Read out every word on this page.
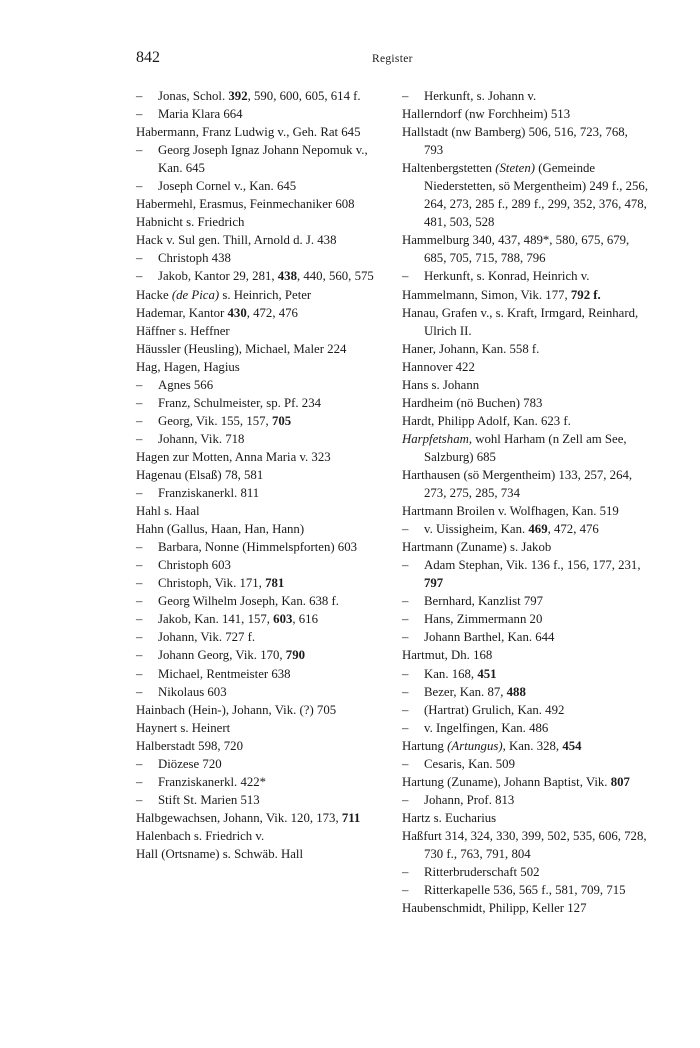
842	Register
– Jonas, Schol. 392, 590, 600, 605, 614 f.
– Maria Klara 664
Habermann, Franz Ludwig v., Geh. Rat 645
– Georg Joseph Ignaz Johann Nepomuk v., Kan. 645
– Joseph Cornel v., Kan. 645
Habermehl, Erasmus, Feinmechaniker 608
Habnicht s. Friedrich
Hack v. Sul gen. Thill, Arnold d. J. 438
– Christoph 438
– Jakob, Kantor 29, 281, 438, 440, 560, 575
Hacke (de Pica) s. Heinrich, Peter
Hademar, Kantor 430, 472, 476
Häffner s. Heffner
Häussler (Heusling), Michael, Maler 224
Hag, Hagen, Hagius
– Agnes 566
– Franz, Schulmeister, sp. Pf. 234
– Georg, Vik. 155, 157, 705
– Johann, Vik. 718
Hagen zur Motten, Anna Maria v. 323
Hagenau (Elsaß) 78, 581
– Franziskanerkl. 811
Hahl s. Haal
Hahn (Gallus, Haan, Han, Hann)
– Barbara, Nonne (Himmelspforten) 603
– Christoph 603
– Christoph, Vik. 171, 781
– Georg Wilhelm Joseph, Kan. 638 f.
– Jakob, Kan. 141, 157, 603, 616
– Johann, Vik. 727 f.
– Johann Georg, Vik. 170, 790
– Michael, Rentmeister 638
– Nikolaus 603
Hainbach (Hein-), Johann, Vik. (?) 705
Haynert s. Heinert
Halberstadt 598, 720
– Diözese 720
– Franziskanerkl. 422*
– Stift St. Marien 513
Halbgewachsen, Johann, Vik. 120, 173, 711
Halenbach s. Friedrich v.
Hall (Ortsname) s. Schwäb. Hall
– Herkunft, s. Johann v.
Hallerndorf (nw Forchheim) 513
Hallstadt (nw Bamberg) 506, 516, 723, 768, 793
Haltenbergstetten (Steten) (Gemeinde Niederstetten, sö Mergentheim) 249 f., 256, 264, 273, 285 f., 289 f., 299, 352, 376, 478, 481, 503, 528
Hammelburg 340, 437, 489*, 580, 675, 679, 685, 705, 715, 788, 796
– Herkunft, s. Konrad, Heinrich v.
Hammelmann, Simon, Vik. 177, 792 f.
Hanau, Grafen v., s. Kraft, Irmgard, Reinhard, Ulrich II.
Haner, Johann, Kan. 558 f.
Hannover 422
Hans s. Johann
Hardheim (nö Buchen) 783
Hardt, Philipp Adolf, Kan. 623 f.
Harpfetsham, wohl Harham (n Zell am See, Salzburg) 685
Harthausen (sö Mergentheim) 133, 257, 264, 273, 275, 285, 734
Hartmann Broilen v. Wolfhagen, Kan. 519
– v. Uissigheim, Kan. 469, 472, 476
Hartmann (Zuname) s. Jakob
– Adam Stephan, Vik. 136 f., 156, 177, 231, 797
– Bernhard, Kanzlist 797
– Hans, Zimmermann 20
– Johann Barthel, Kan. 644
Hartmut, Dh. 168
– Kan. 168, 451
– Bezer, Kan. 87, 488
– (Hartrat) Grulich, Kan. 492
– v. Ingelfingen, Kan. 486
Hartung (Artungus), Kan. 328, 454
– Cesaris, Kan. 509
Hartung (Zuname), Johann Baptist, Vik. 807
– Johann, Prof. 813
Hartz s. Eucharius
Haßfurt 314, 324, 330, 399, 502, 535, 606, 728, 730 f., 763, 791, 804
– Ritterbruderschaft 502
– Ritterkapelle 536, 565 f., 581, 709, 715
Haubenschmidt, Philipp, Keller 127
